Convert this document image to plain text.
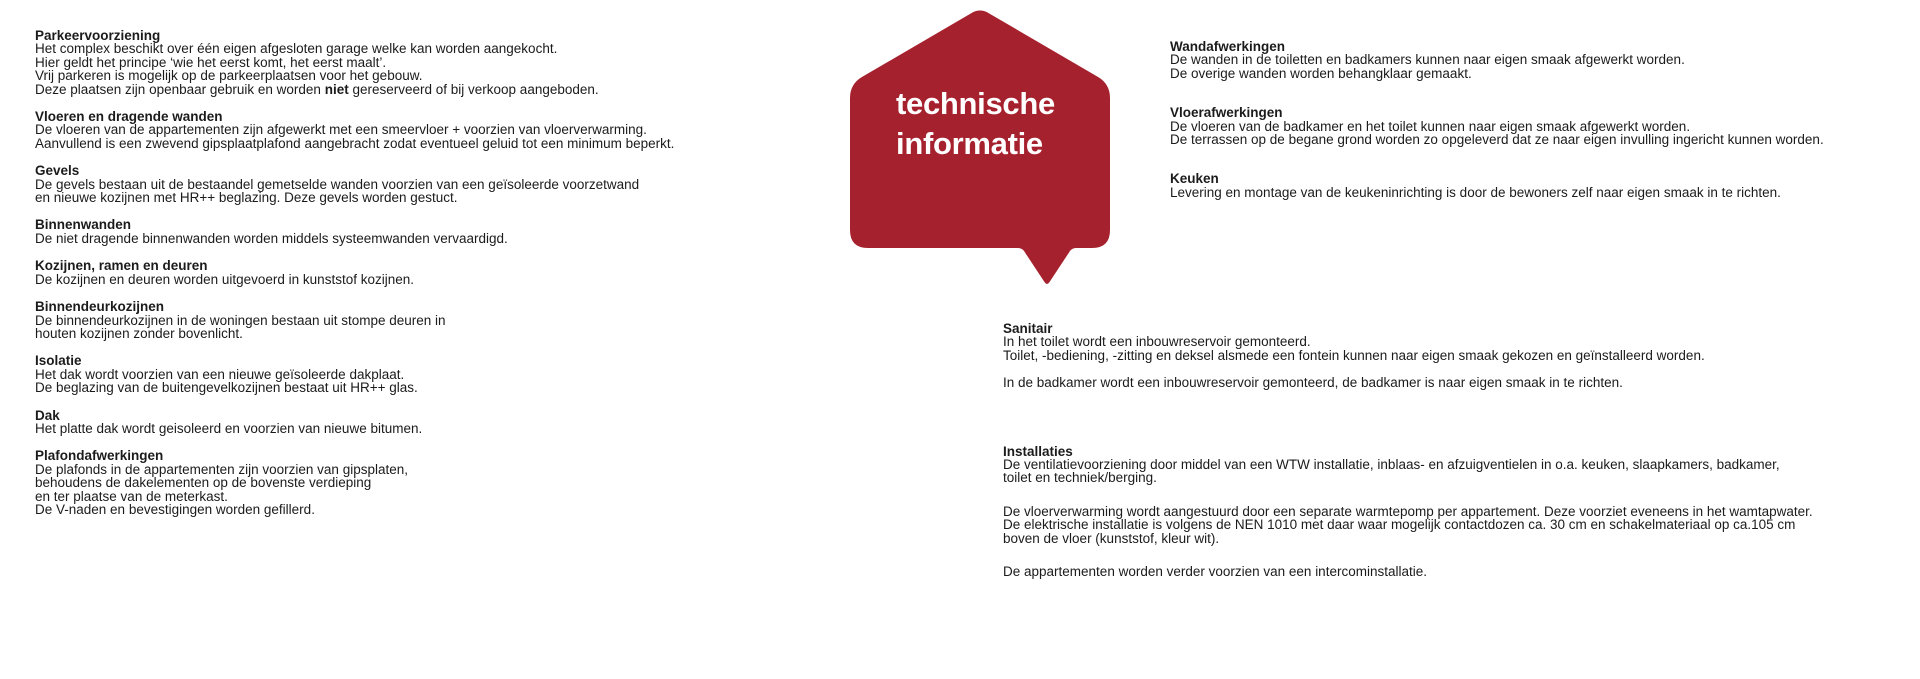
Parkeervoorziening
Het complex beschikt over één eigen afgesloten garage welke kan worden aangekocht.
Hier geldt het principe ‘wie het eerst komt, het eerst maalt’.
Vrij parkeren is mogelijk op de parkeerplaatsen voor het gebouw.
Deze plaatsen zijn openbaar gebruik en worden niet gereserveerd of bij verkoop aangeboden.
Vloeren en dragende wanden
De vloeren van de appartementen zijn afgewerkt met een smeervloer + voorzien van vloerverwarming.
Aanvullend is een zwevend gipsplaatplafond aangebracht zodat eventueel geluid tot een minimum beperkt.
Gevels
De gevels bestaan uit de bestaandel gemetselde wanden voorzien van een geïsoleerde voorzetwand
en nieuwe kozijnen met HR++ beglazing. Deze gevels worden gestuct.
Binnenwanden
De niet dragende binnenwanden worden middels systeemwanden vervaardigd.
Kozijnen, ramen en deuren
De kozijnen en deuren worden uitgevoerd in kunststof kozijnen.
Binnendeurkozijnen
De binnendeurkozijnen in de woningen bestaan uit stompe deuren in
houten kozijnen zonder bovenlicht.
Isolatie
Het dak wordt voorzien van een nieuwe geïsoleerde dakplaat.
De beglazing van de buitengevelkozijnen bestaat uit HR++ glas.
Dak
Het platte dak wordt geisoleerd en voorzien van nieuwe bitumen.
Plafondafwerkingen
De plafonds in de appartementen zijn voorzien van gipsplaten,
behoudens de dakelementen op de bovenste verdieping
en ter plaatse van de meterkast.
De V-naden en bevestigingen worden gefillerd.
technische
informatie
Wandafwerkingen
De wanden in de toiletten en badkamers kunnen naar eigen smaak afgewerkt worden.
De overige wanden worden behangklaar gemaakt.
Vloerafwerkingen
De vloeren van de badkamer en het toilet kunnen naar eigen smaak afgewerkt worden.
De terrassen op de begane grond worden zo opgeleverd dat ze naar eigen invulling ingericht kunnen worden.
Keuken
Levering en montage van de keukeninrichting is door de bewoners zelf naar eigen smaak in te richten.
Sanitair
In het toilet wordt een inbouwreservoir gemonteerd.
Toilet, -bediening, -zitting en deksel alsmede een fontein kunnen naar eigen smaak gekozen en geïnstalleerd worden.
In de badkamer wordt een inbouwreservoir gemonteerd, de badkamer is naar eigen smaak in te richten.
Installaties
De ventilatievoorziening door middel van een WTW installatie, inblaas- en afzuigventielen in o.a. keuken, slaapkamers, badkamer,
toilet en techniek/berging.
De vloerverwarming wordt aangestuurd door een separate warmtepomp per appartement. Deze voorziet eveneens in het wamtapwater.
De elektrische installatie is volgens de NEN 1010 met daar waar mogelijk contactdozen ca. 30 cm en schakelmateriaal op ca.105 cm
boven de vloer (kunststof, kleur wit).
De appartementen worden verder voorzien van een intercominstallatie.
